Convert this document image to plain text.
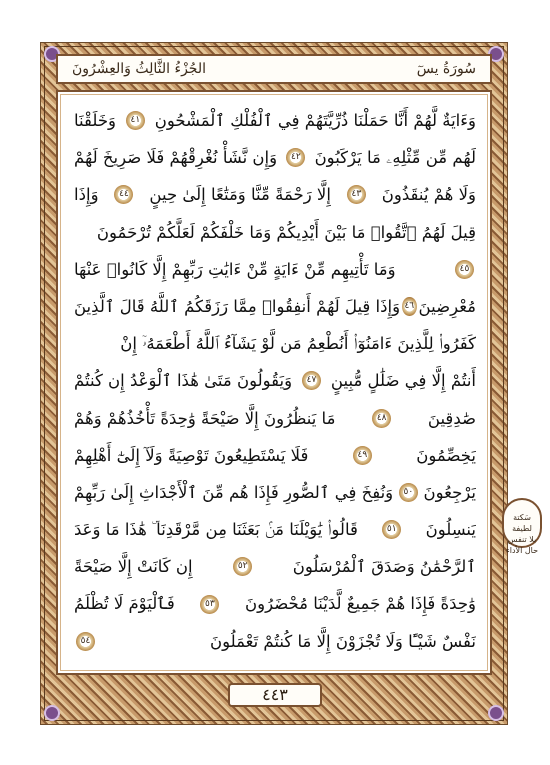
سُورَةُ يسٓ
الجُزْءُ الثَّالِثُ وَالعِشْرُونَ
وَءَايَةٌ لَّهُمْ أَنَّا حَمَلْنَا ذُرِّيَّتَهُمْ فِي ٱلْفُلْكِ ٱلْمَشْحُونِ
٤١
وَخَلَقْنَا
لَهُم مِّن مِّثْلِهِۦ مَا يَرْكَبُونَ
٤٢
وَإِن نَّشَأْ نُغْرِقْهُمْ فَلَا صَرِيخَ لَهُمْ
وَلَا هُمْ يُنقَذُونَ
٤٣
إِلَّا رَحْمَةً مِّنَّا وَمَتَٰعًا إِلَىٰ حِينٍ
٤٤
وَإِذَا
قِيلَ لَهُمُ ٱتَّقُوا۟ مَا بَيْنَ أَيْدِيكُمْ وَمَا خَلْفَكُمْ لَعَلَّكُمْ تُرْحَمُونَ
٤٥
وَمَا تَأْتِيهِم مِّنْ ءَايَةٍ مِّنْ ءَايَٰتِ رَبِّهِمْ إِلَّا كَانُوا۟ عَنْهَا
مُعْرِضِينَ
٤٦
وَإِذَا قِيلَ لَهُمْ أَنفِقُوا۟ مِمَّا رَزَقَكُمُ ٱللَّهُ قَالَ ٱلَّذِينَ
كَفَرُوا۟ لِلَّذِينَ ءَامَنُوٓا۟ أَنُطْعِمُ مَن لَّوْ يَشَآءُ ٱللَّهُ أَطْعَمَهُۥٓ إِنْ
أَنتُمْ إِلَّا فِي ضَلَٰلٍ مُّبِينٍ
٤٧
وَيَقُولُونَ مَتَىٰ هَٰذَا ٱلْوَعْدُ إِن كُنتُمْ
صَٰدِقِينَ
٤٨
مَا يَنظُرُونَ إِلَّا صَيْحَةً وَٰحِدَةً تَأْخُذُهُمْ وَهُمْ
يَخِصِّمُونَ
٤٩
فَلَا يَسْتَطِيعُونَ تَوْصِيَةً وَلَآ إِلَىٰٓ أَهْلِهِمْ
يَرْجِعُونَ
٥٠
وَنُفِخَ فِي ٱلصُّورِ فَإِذَا هُم مِّنَ ٱلْأَجْدَاثِ إِلَىٰ رَبِّهِمْ
يَنسِلُونَ
٥١
قَالُوا۟ يَٰوَيْلَنَا مَنۢ بَعَثَنَا مِن مَّرْقَدِنَا ۜ هَٰذَا مَا وَعَدَ
ٱلرَّحْمَٰنُ وَصَدَقَ ٱلْمُرْسَلُونَ
٥٢
إِن كَانَتْ إِلَّا صَيْحَةً
وَٰحِدَةً فَإِذَا هُمْ جَمِيعٌ لَّدَيْنَا مُحْضَرُونَ
٥٣
فَٱلْيَوْمَ لَا تُظْلَمُ
نَفْسٌ شَيْـًٔا وَلَا تُجْزَوْنَ إِلَّا مَا كُنتُمْ تَعْمَلُونَ
٥٤
سَكتة لطيفة
بلا تنفس
حال الأداء
٤٤٣
